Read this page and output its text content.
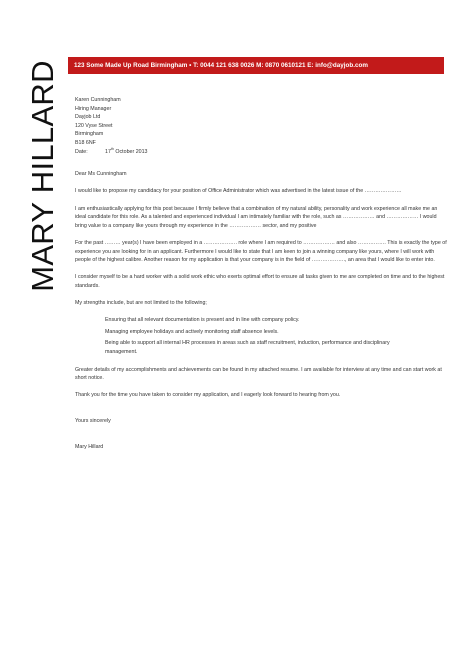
MARY HILLARD 123 Some Made Up Road Birmingham • T: 0044 121 638 0026 M: 0870 0610121 E: info@dayjob.com

Karen Cunningham

Hiring Manager

Dayjob Ltd

120 Vyse Street

Birmingham

B18 6NF

Date:	17th October 2013

Dear Ms Cunningham

I would like to propose my candidacy for your position of Office Administrator which was advertised in the latest issue of the …………………

I am enthusiastically applying for this post because I firmly believe that a combination of my natural ability, personality and work experience all make me an ideal candidate for this role. As a talented and experienced individual I am intimately familiar with the role, such as ……………… and ……………… I would bring value to a company like yours through my experience in the ……………… sector, and my positive

For the past ……… year(s) I have been employed in a ………………. role where I am required to ……………… and also ……………. This is exactly the type of experience you are looking for in an applicant. Furthermore I would like to state that I am keen to join a winning company like yours, where I will work with people of the highest calibre. Another reason for my application is that your company is in the field of ………………., an area that I would like to enter into.

I consider myself to be a hard worker with a solid work ethic who exerts optimal effort to ensure all tasks given to me are completed on time and to the highest standards.

My strengths include, but are not limited to the following;

Ensuring that all relevant documentation is present and in line with company policy.

Managing employee holidays and actively monitoring staff absence levels.

Being able to support all internal HR processes in areas such as staff recruitment, induction, performance and disciplinary management.

Greater details of my accomplishments and achievements can be found in my attached resume. I am available for interview at any time and can start work at short notice.

Thank you for the time you have taken to consider my application, and I eagerly look forward to hearing from you.

Yours sincerely

Mary Hillard
